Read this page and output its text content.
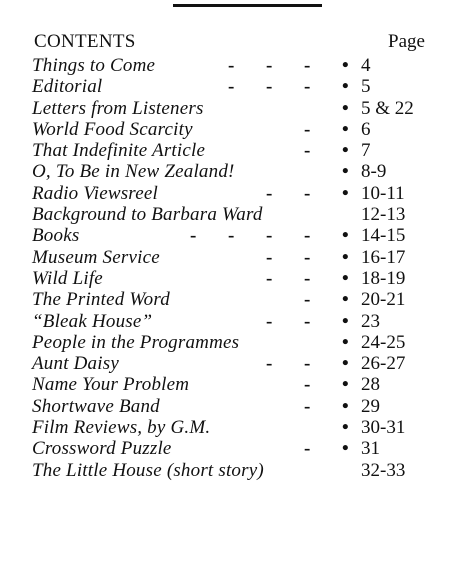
CONTENTS	Page
Things to Come	- - - • 4
Editorial	- - - • 5
Letters from Listeners	• 5 & 22
World Food Scarcity	- • 6
That Indefinite Article	- • 7
O, To Be in New Zealand!	• 8-9
Radio Viewsreel	- - • 10-11
Background to Barbara Ward	12-13
Books	- - - - • 14-15
Museum Service	- - • 16-17
Wild Life	- - • 18-19
The Printed Word	- • 20-21
“Bleak House”	- - • 23
People in the Programmes	• 24-25
Aunt Daisy	- - • 26-27
Name Your Problem	- • 28
Shortwave Band	- • 29
Film Reviews, by G.M.	• 30-31
Crossword Puzzle	- • 31
The Little House (short story)	32-33
